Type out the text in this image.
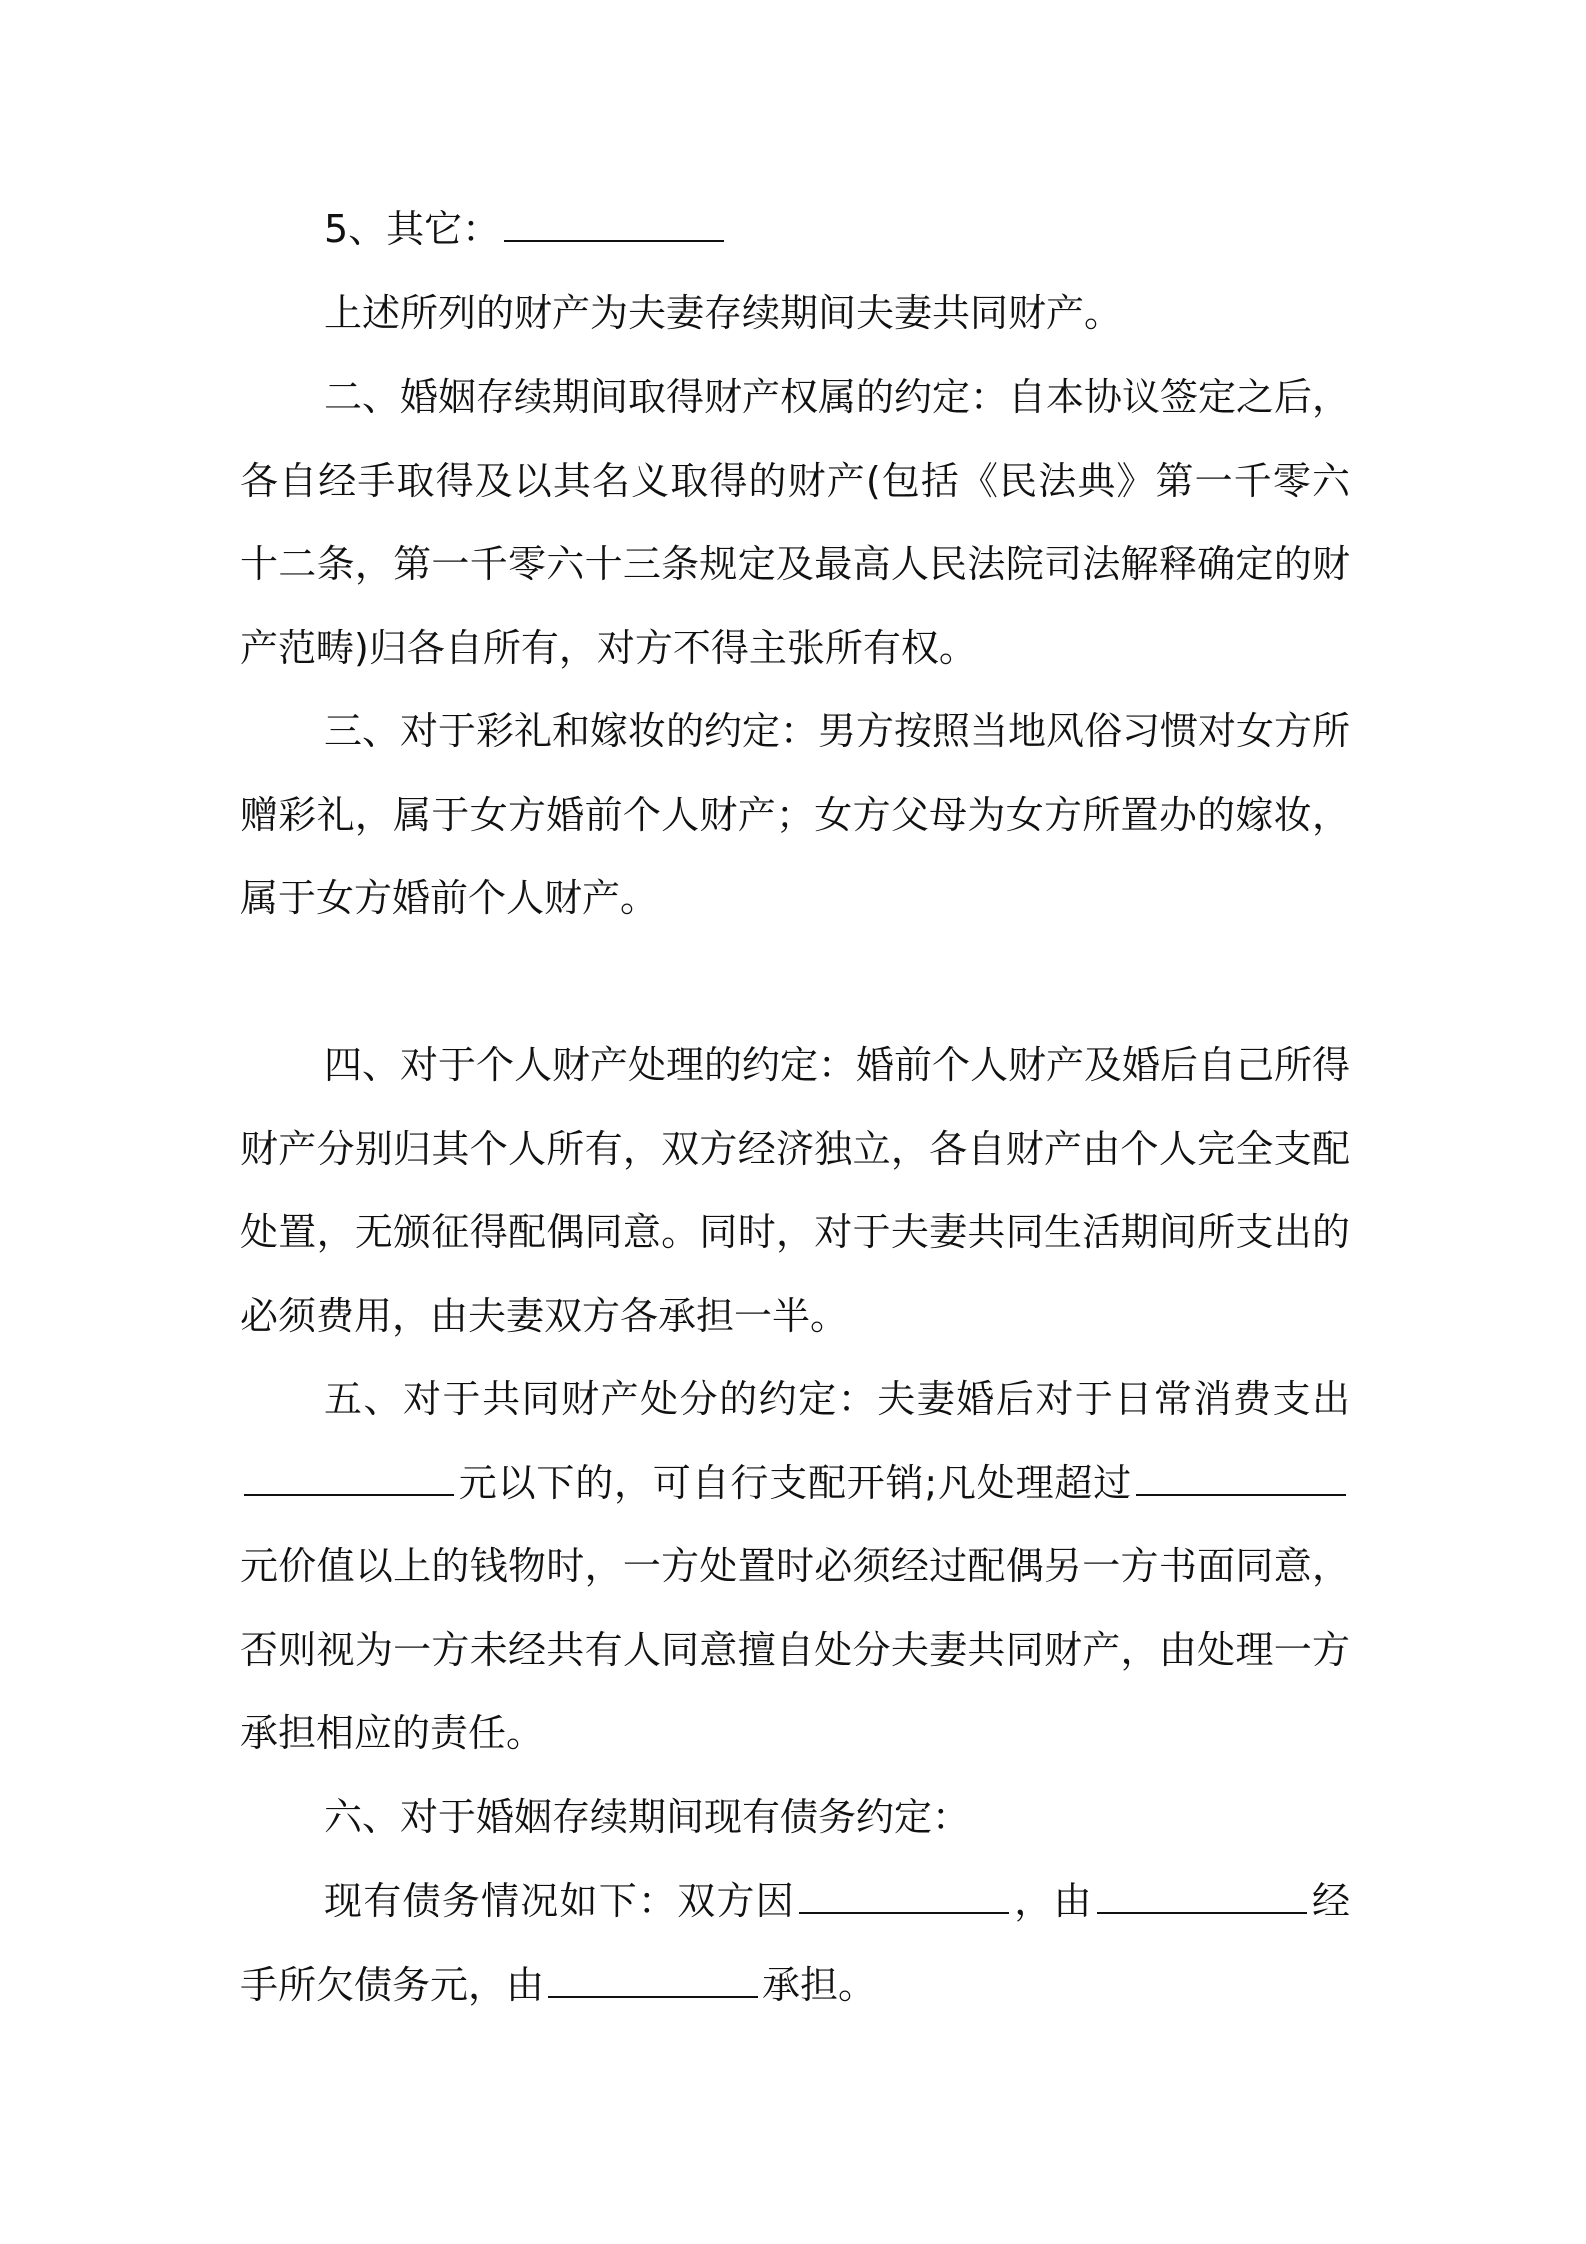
5、其它：

上述所列的财产为夫妻存续期间夫妻共同财产。

二、婚姻存续期间取得财产权属的约定：自本协议签定之后，各自经手取得及以其名义取得的财产(包括《民法典》第一千零六十二条，第一千零六十三条规定及最高人民法院司法解释确定的财产范畴)归各自所有，对方不得主张所有权。

三、对于彩礼和嫁妆的约定：男方按照当地风俗习惯对女方所赠彩礼，属于女方婚前个人财产；女方父母为女方所置办的嫁妆，属于女方婚前个人财产。

四、对于个人财产处理的约定：婚前个人财产及婚后自己所得财产分别归其个人所有，双方经济独立，各自财产由个人完全支配处置，无颁征得配偶同意。同时，对于夫妻共同生活期间所支出的必须费用，由夫妻双方各承担一半。

五、对于共同财产处分的约定：夫妻婚后对于日常消费支出元以下的，可自行支配开销;凡处理超过元价值以上的钱物时，一方处置时必须经过配偶另一方书面同意，否则视为一方未经共有人同意擅自处分夫妻共同财产，由处理一方承担相应的责任。

六、对于婚姻存续期间现有债务约定：

现有债务情况如下：双方因	，由	经手所欠债务元，由	承担。
